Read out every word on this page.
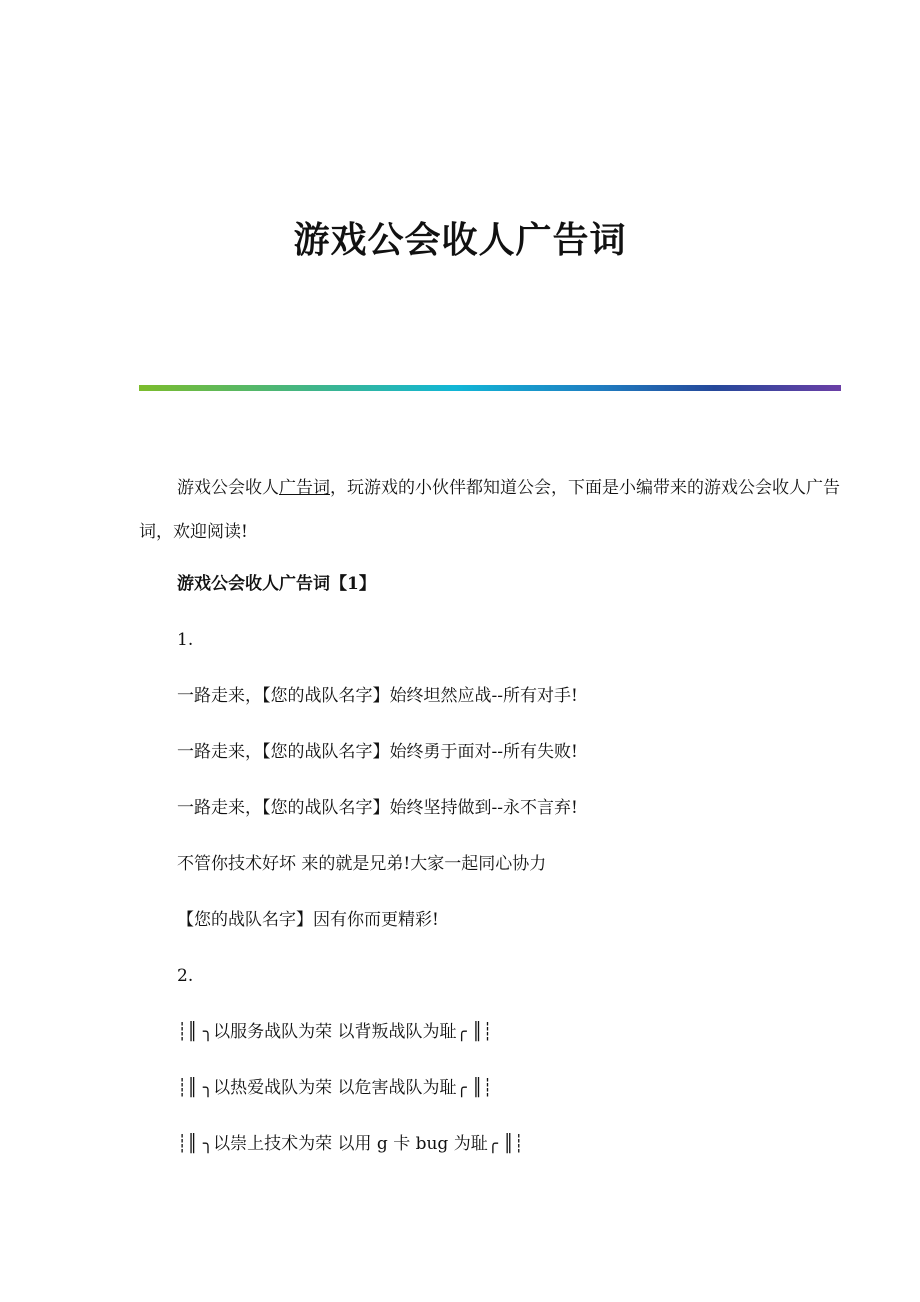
游戏公会收人广告词

游戏公会收人广告词，玩游戏的小伙伴都知道公会，下面是小编带来的游戏公会收人广告词，欢迎阅读!

游戏公会收人广告词【1】

1.

一路走来，【您的战队名字】始终坦然应战--所有对手!

一路走来，【您的战队名字】始终勇于面对--所有失败!

一路走来，【您的战队名字】始终坚持做到--永不言弃!

不管你技术好坏 来的就是兄弟!大家一起同心协力

【您的战队名字】因有你而更精彩!

2.

┊║ ╮以服务战队为荣 以背叛战队为耻╭ ║┊

┊║ ╮以热爱战队为荣 以危害战队为耻╭ ║┊

┊║ ╮以崇上技术为荣 以用 g 卡 bug 为耻╭ ║┊
